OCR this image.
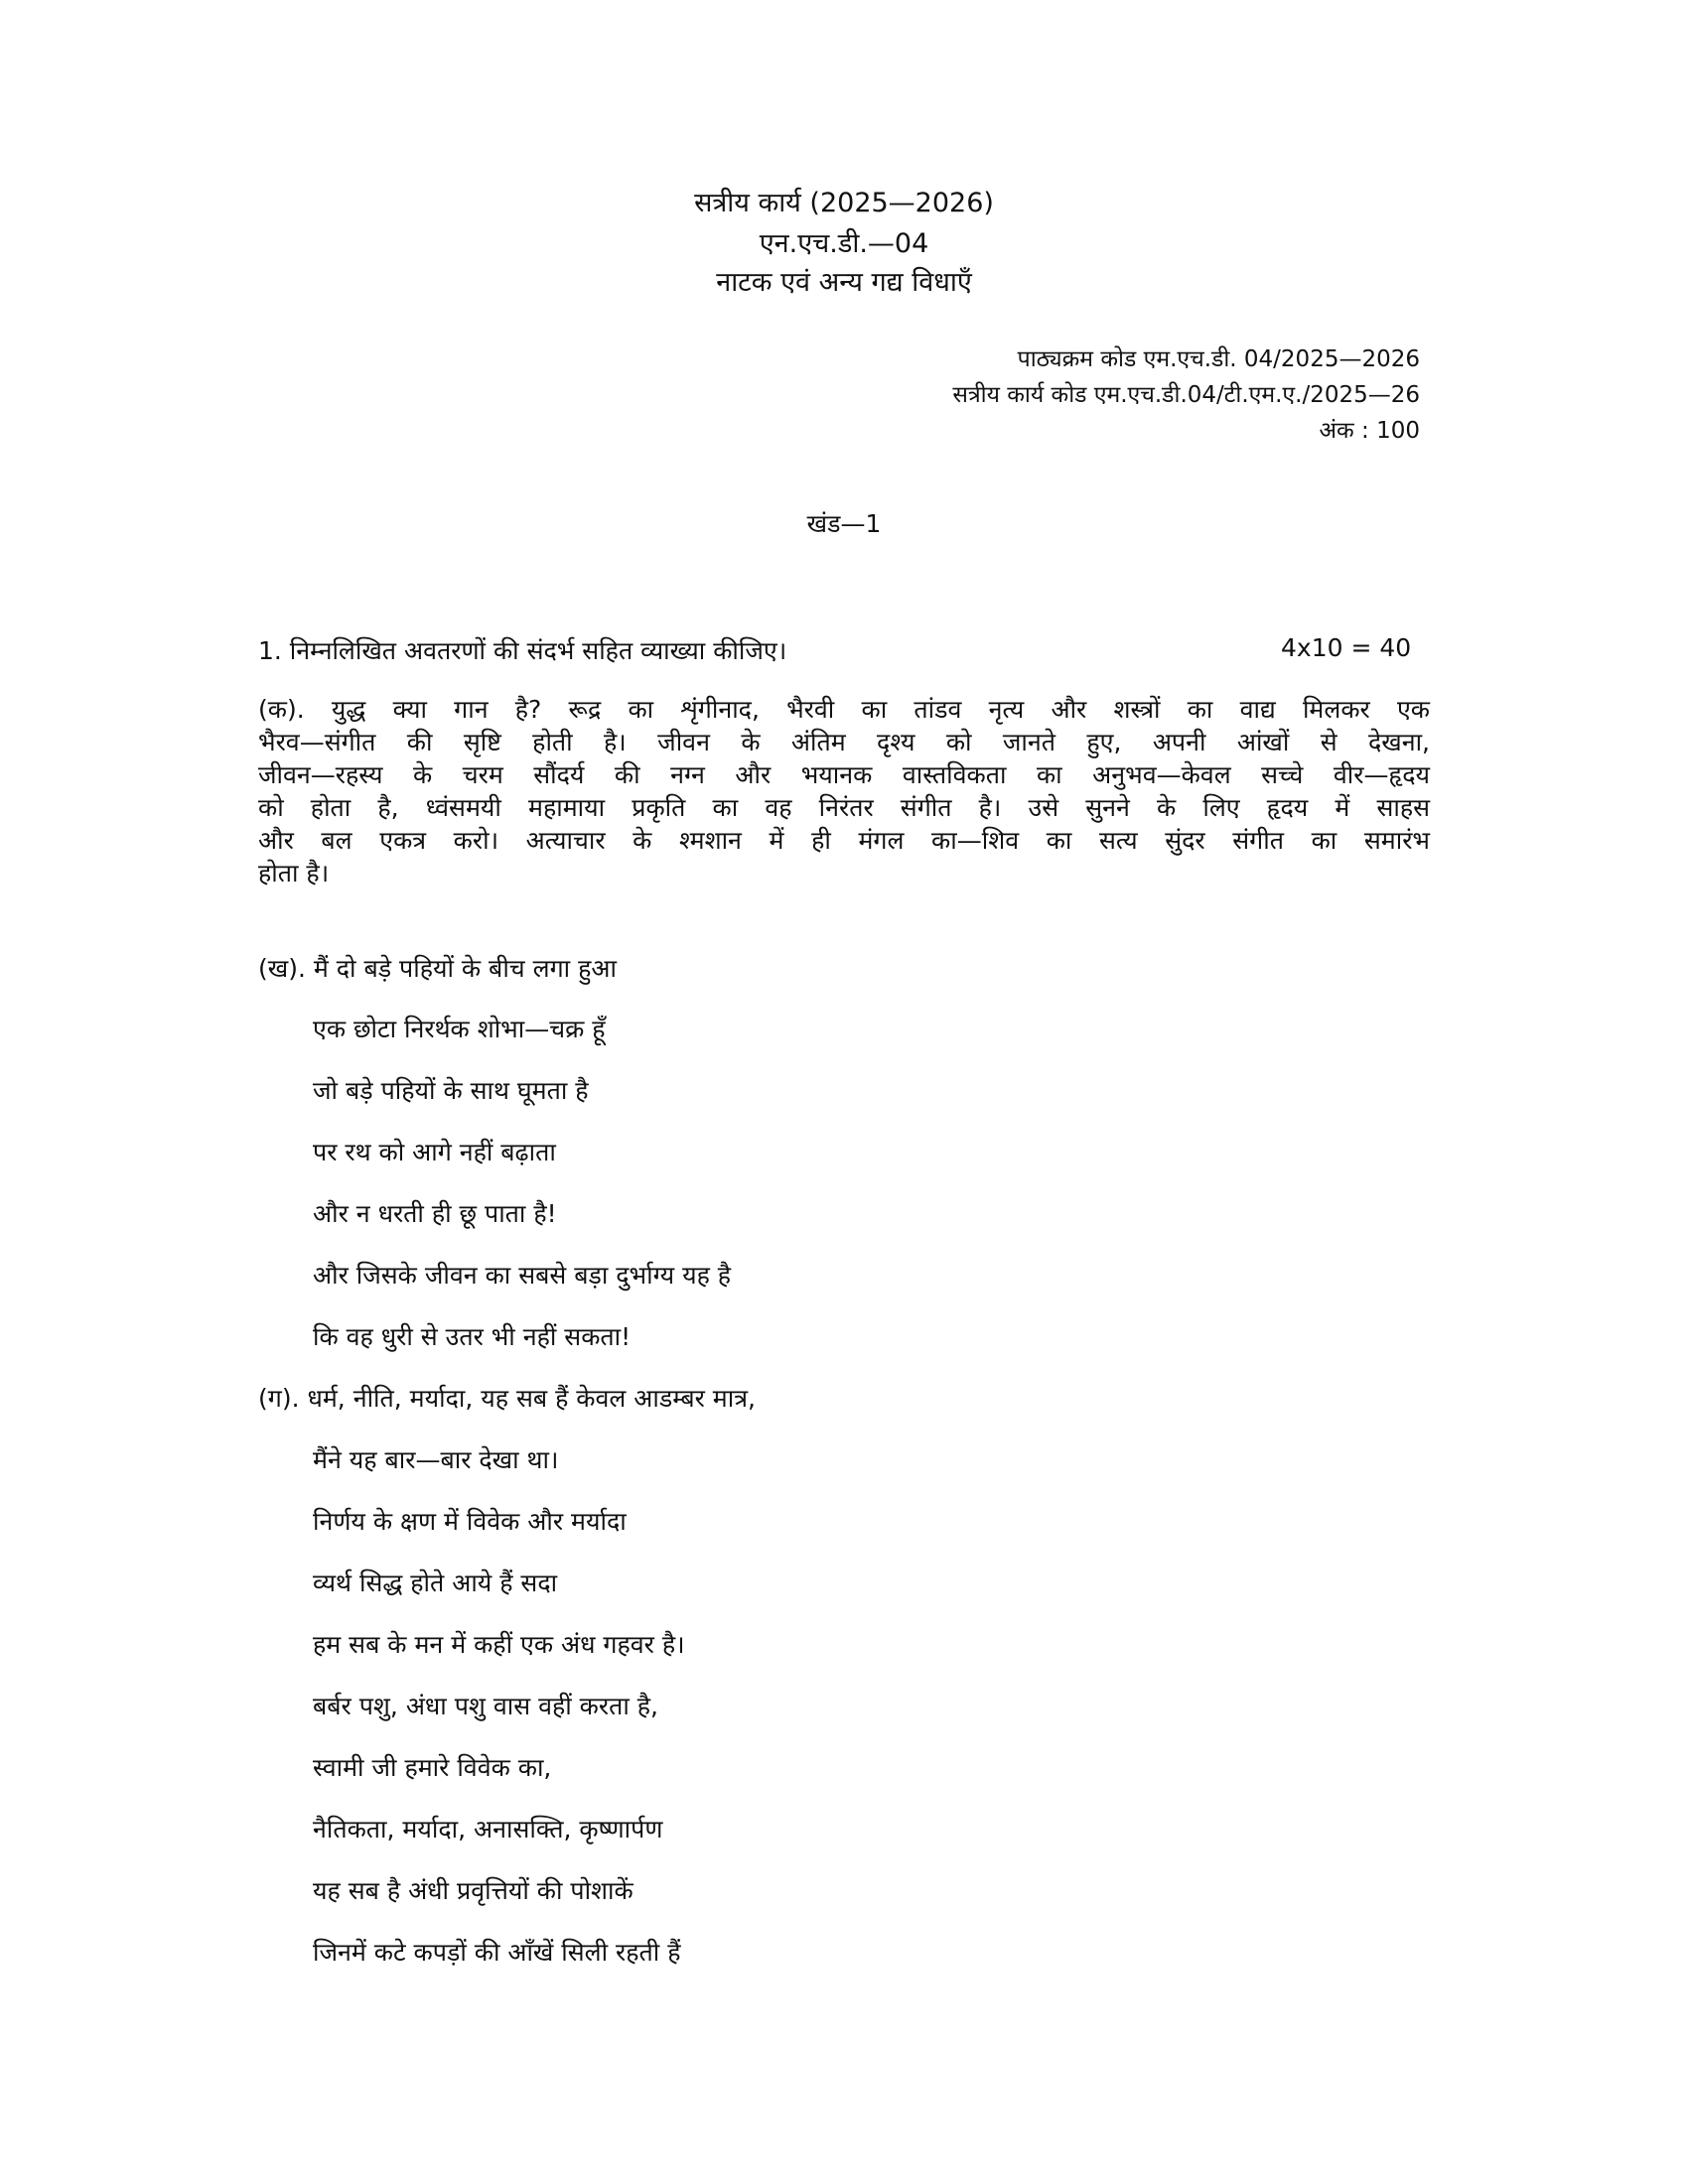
सत्रीय कार्य (2025—2026)
एन.एच.डी.—04
नाटक एवं अन्य गद्य विधाएँ
पाठ्यक्रम कोड एम.एच.डी. 04/2025—2026
सत्रीय कार्य कोड एम.एच.डी.04/टी.एम.ए./2025—26
अंक : 100
खंड—1
1. निम्नलिखित अवतरणों की संदर्भ सहित व्याख्या कीजिए।	4x10 = 40
(क). युद्ध क्या गान है? रूद्र का शृंगीनाद, भैरवी का तांडव नृत्य और शस्त्रों का वाद्य मिलकर एक
भैरव—संगीत की सृष्टि होती है। जीवन के अंतिम दृश्य को जानते हुए, अपनी आंखों से देखना,
जीवन—रहस्य के चरम सौंदर्य की नग्न और भयानक वास्तविकता का अनुभव—केवल सच्चे वीर—हृदय
को होता है, ध्वंसमयी महामाया प्रकृति का वह निरंतर संगीत है। उसे सुनने के लिए हृदय में साहस
और बल एकत्र करो। अत्याचार के श्मशान में ही मंगल का—शिव का सत्य सुंदर संगीत का समारंभ
होता है।
(ख). मैं दो बड़े पहियों के बीच लगा हुआ
एक छोटा निरर्थक शोभा—चक्र हूँ
जो बड़े पहियों के साथ घूमता है
पर रथ को आगे नहीं बढ़ाता
और न धरती ही छू पाता है!
और जिसके जीवन का सबसे बड़ा दुर्भाग्य यह है
कि वह धुरी से उतर भी नहीं सकता!
(ग). धर्म, नीति, मर्यादा, यह सब हैं केवल आडम्बर मात्र,
मैंने यह बार—बार देखा था।
निर्णय के क्षण में विवेक और मर्यादा
व्यर्थ सिद्ध होते आये हैं सदा
हम सब के मन में कहीं एक अंध गहवर है।
बर्बर पशु, अंधा पशु वास वहीं करता है,
स्वामी जी हमारे विवेक का,
नैतिकता, मर्यादा, अनासक्ति, कृष्णार्पण
यह सब है अंधी प्रवृत्तियों की पोशाकें
जिनमें कटे कपड़ों की आँखें सिली रहती हैं
